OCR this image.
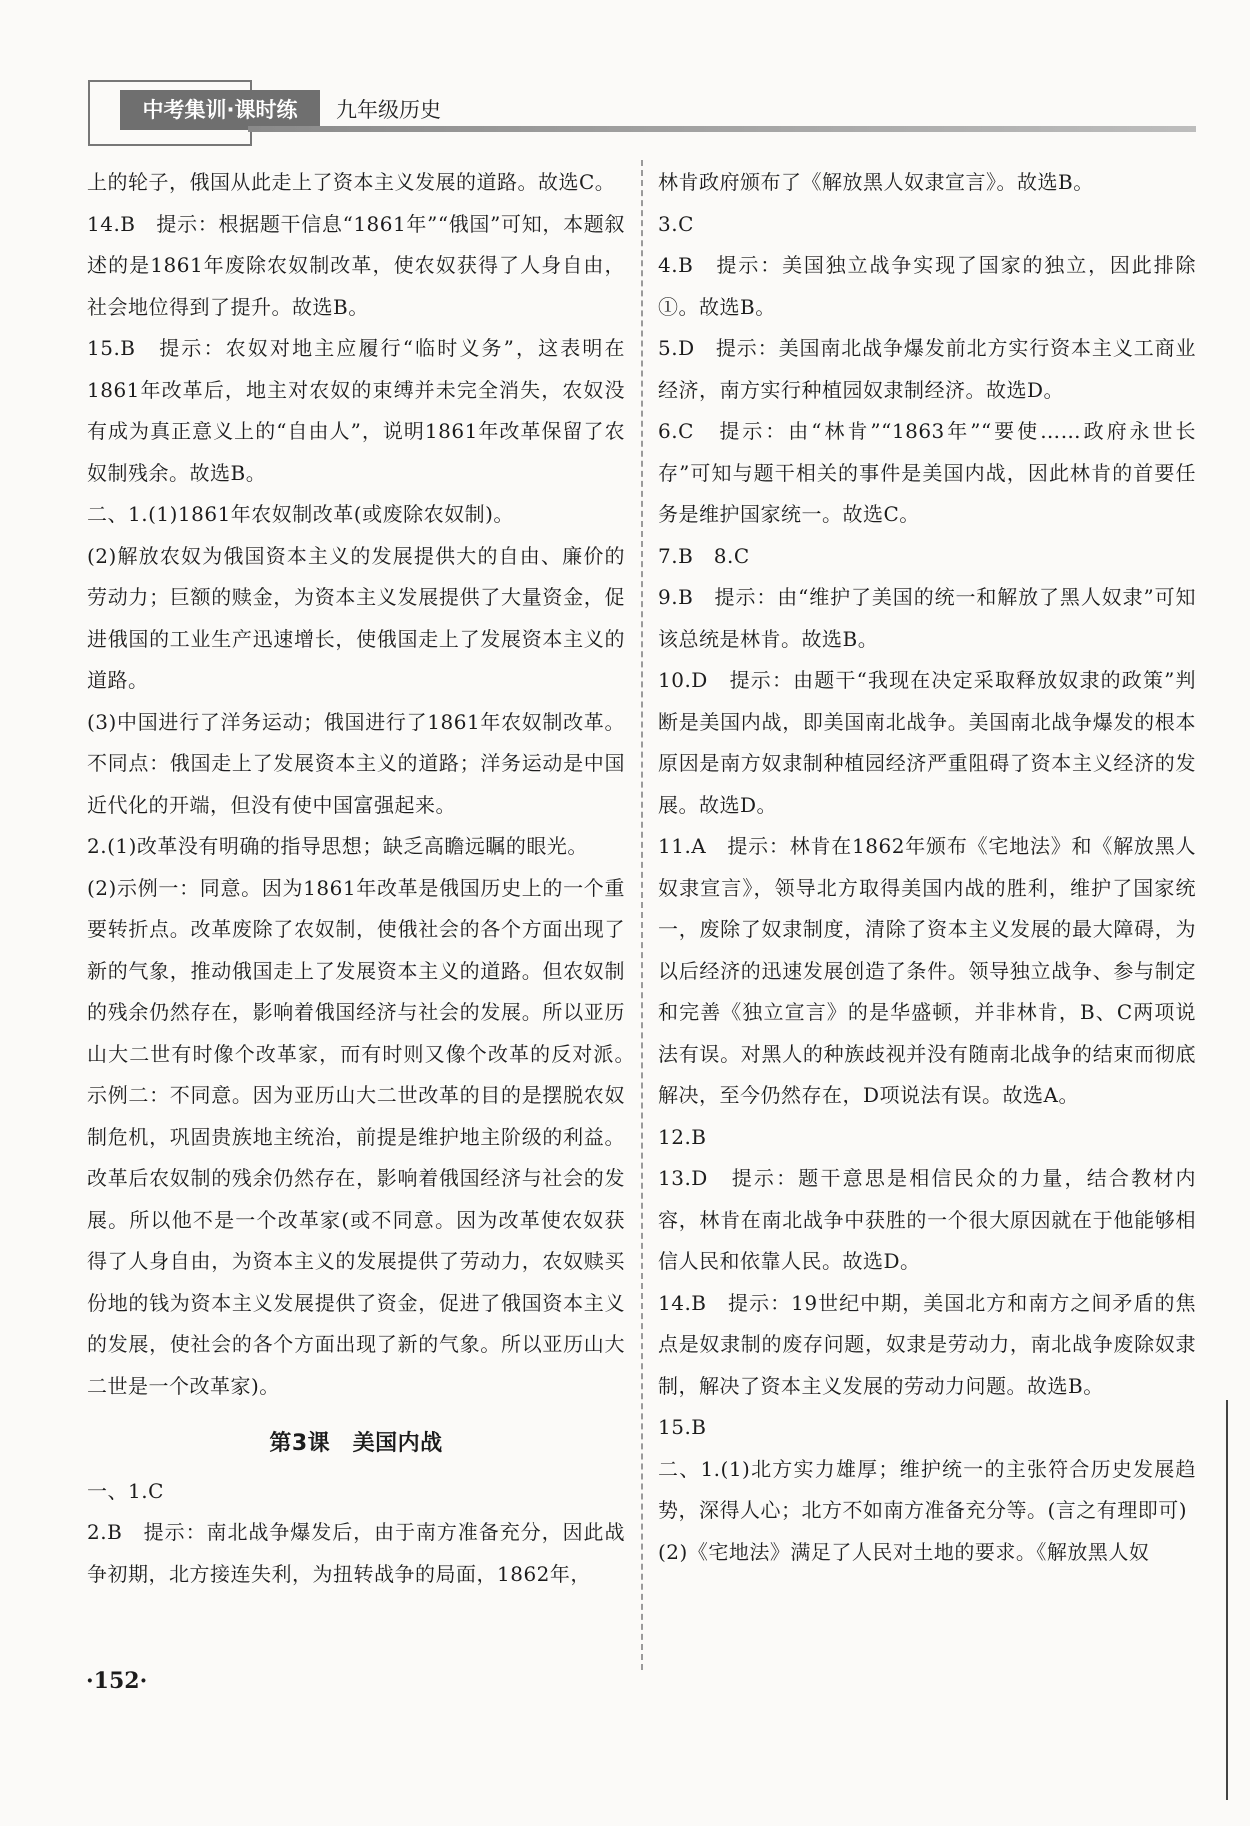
中考集训·课时练	九年级历史

上的轮子，俄国从此走上了资本主义发展的道路。故选C。

14.B　提示：根据题干信息“1861年”“俄国”可知，本题叙述的是1861年废除农奴制改革，使农奴获得了人身自由，社会地位得到了提升。故选B。

15.B　提示：农奴对地主应履行“临时义务”，这表明在1861年改革后，地主对农奴的束缚并未完全消失，农奴没有成为真正意义上的“自由人”，说明1861年改革保留了农奴制残余。故选B。

二、1.(1)1861年农奴制改革(或废除农奴制)。

(2)解放农奴为俄国资本主义的发展提供大的自由、廉价的劳动力；巨额的赎金，为资本主义发展提供了大量资金，促进俄国的工业生产迅速增长，使俄国走上了发展资本主义的道路。

(3)中国进行了洋务运动；俄国进行了1861年农奴制改革。不同点：俄国走上了发展资本主义的道路；洋务运动是中国近代化的开端，但没有使中国富强起来。

2.(1)改革没有明确的指导思想；缺乏高瞻远瞩的眼光。

(2)示例一：同意。因为1861年改革是俄国历史上的一个重要转折点。改革废除了农奴制，使俄社会的各个方面出现了新的气象，推动俄国走上了发展资本主义的道路。但农奴制的残余仍然存在，影响着俄国经济与社会的发展。所以亚历山大二世有时像个改革家，而有时则又像个改革的反对派。　示例二：不同意。因为亚历山大二世改革的目的是摆脱农奴制危机，巩固贵族地主统治，前提是维护地主阶级的利益。改革后农奴制的残余仍然存在，影响着俄国经济与社会的发展。所以他不是一个改革家(或不同意。因为改革使农奴获得了人身自由，为资本主义的发展提供了劳动力，农奴赎买份地的钱为资本主义发展提供了资金，促进了俄国资本主义的发展，使社会的各个方面出现了新的气象。所以亚历山大二世是一个改革家)。

第3课　美国内战

一、1.C

2.B　提示：南北战争爆发后，由于南方准备充分，因此战争初期，北方接连失利，为扭转战争的局面，1862年，

林肯政府颁布了《解放黑人奴隶宣言》。故选B。

3.C

4.B　提示：美国独立战争实现了国家的独立，因此排除①。故选B。

5.D　提示：美国南北战争爆发前北方实行资本主义工商业经济，南方实行种植园奴隶制经济。故选D。

6.C　提示：由“林肯”“1863年”“要使……政府永世长存”可知与题干相关的事件是美国内战，因此林肯的首要任务是维护国家统一。故选C。

7.B　8.C

9.B　提示：由“维护了美国的统一和解放了黑人奴隶”可知该总统是林肯。故选B。

10.D　提示：由题干“我现在决定采取释放奴隶的政策”判断是美国内战，即美国南北战争。美国南北战争爆发的根本原因是南方奴隶制种植园经济严重阻碍了资本主义经济的发展。故选D。

11.A　提示：林肯在1862年颁布《宅地法》和《解放黑人奴隶宣言》，领导北方取得美国内战的胜利，维护了国家统一，废除了奴隶制度，清除了资本主义发展的最大障碍，为以后经济的迅速发展创造了条件。领导独立战争、参与制定和完善《独立宣言》的是华盛顿，并非林肯，B、C两项说法有误。对黑人的种族歧视并没有随南北战争的结束而彻底解决，至今仍然存在，D项说法有误。故选A。

12.B

13.D　提示：题干意思是相信民众的力量，结合教材内容，林肯在南北战争中获胜的一个很大原因就在于他能够相信人民和依靠人民。故选D。

14.B　提示：19世纪中期，美国北方和南方之间矛盾的焦点是奴隶制的废存问题，奴隶是劳动力，南北战争废除奴隶制，解决了资本主义发展的劳动力问题。故选B。

15.B

二、1.(1)北方实力雄厚；维护统一的主张符合历史发展趋势，深得人心；北方不如南方准备充分等。(言之有理即可)

(2)《宅地法》满足了人民对土地的要求。《解放黑人奴

·152·
